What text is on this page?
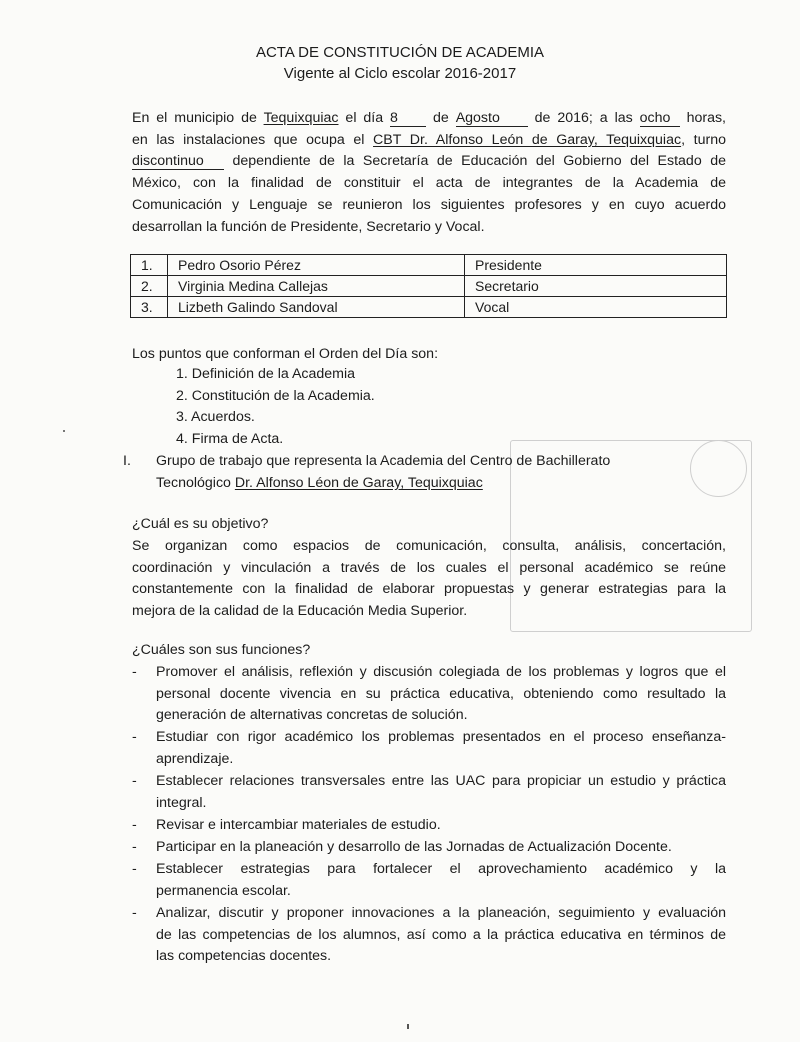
ACTA DE CONSTITUCIÓN DE ACADEMIA
Vigente al Ciclo escolar 2016-2017
En el municipio de Tequixquiac el día 8 de Agosto de 2016; a las ocho horas,
en las instalaciones que ocupa el CBT Dr. Alfonso León de Garay, Tequixquiac, turno
discontinuo dependiente de la Secretaría de Educación del Gobierno del Estado de
México, con la finalidad de constituir el acta de integrantes de la Academia de
Comunicación y Lenguaje se reunieron los siguientes profesores y en cuyo acuerdo
desarrollan la función de Presidente, Secretario y Vocal.
1.	Pedro Osorio Pérez	Presidente
2.	Virginia Medina Callejas	Secretario
3.	Lizbeth Galindo Sandoval	Vocal
Los puntos que conforman el Orden del Día son:
1. Definición de la Academia
2. Constitución de la Academia.
3. Acuerdos.
4. Firma de Acta.
I. Grupo de trabajo que representa la Academia del Centro de Bachillerato
Tecnológico Dr. Alfonso Léon de Garay, Tequixquiac
¿Cuál es su objetivo?
Se organizan como espacios de comunicación, consulta, análisis, concertación,
coordinación y vinculación a través de los cuales el personal académico se reúne
constantemente con la finalidad de elaborar propuestas y generar estrategias para la
mejora de la calidad de la Educación Media Superior.
¿Cuáles son sus funciones?
- Promover el análisis, reflexión y discusión colegiada de los problemas y logros que el
personal docente vivencia en su práctica educativa, obteniendo como resultado la
generación de alternativas concretas de solución.
- Estudiar con rigor académico los problemas presentados en el proceso enseñanza-
aprendizaje.
- Establecer relaciones transversales entre las UAC para propiciar un estudio y práctica
integral.
- Revisar e intercambiar materiales de estudio.
- Participar en la planeación y desarrollo de las Jornadas de Actualización Docente.
- Establecer estrategias para fortalecer el aprovechamiento académico y la
permanencia escolar.
- Analizar, discutir y proponer innovaciones a la planeación, seguimiento y evaluación
de las competencias de los alumnos, así como a la práctica educativa en términos de
las competencias docentes.
